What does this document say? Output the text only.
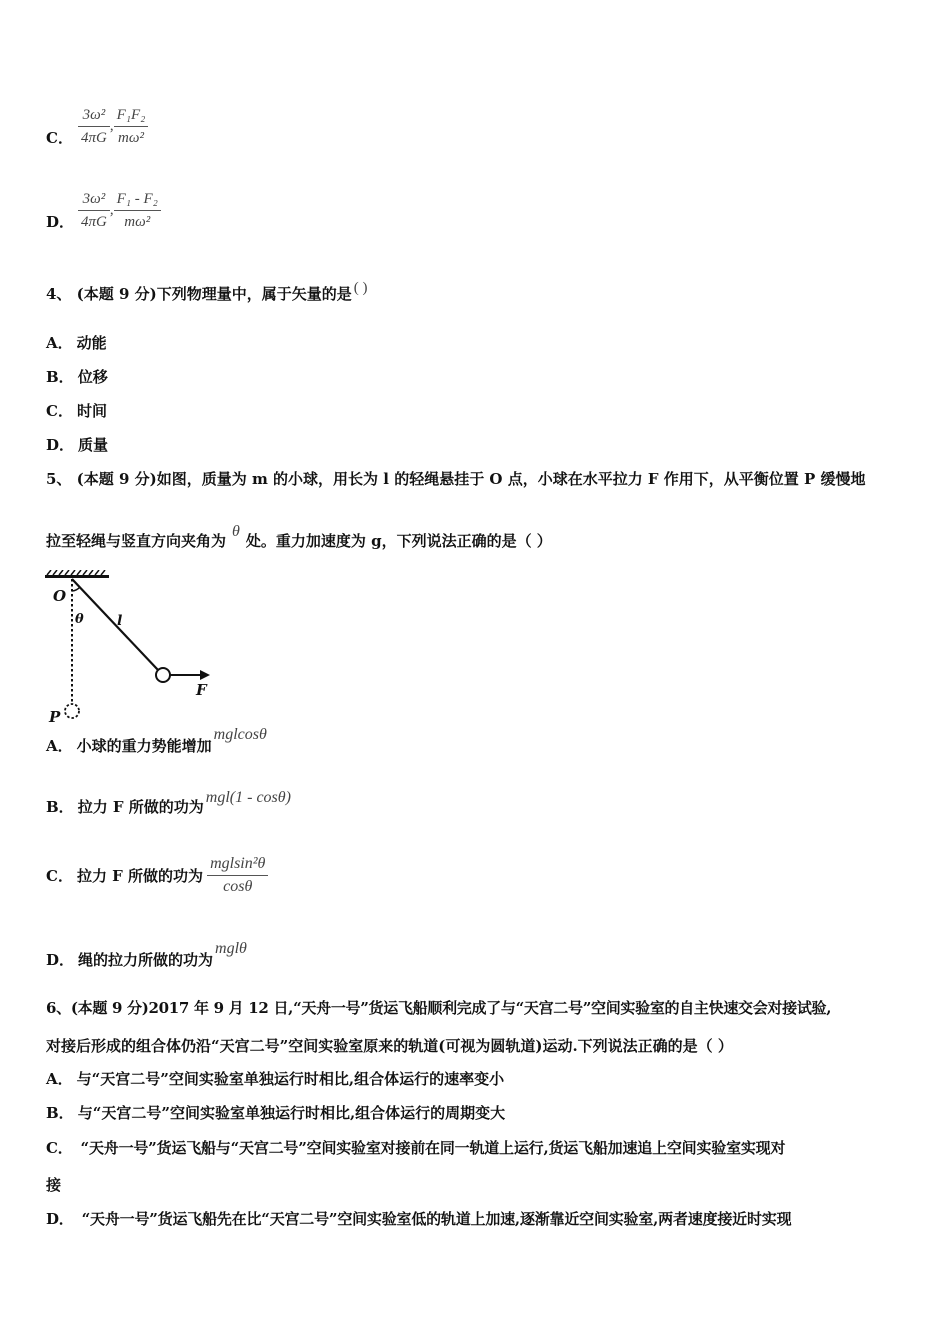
C． $\frac{\text{3ω²}}{4\pi G}$ , $\frac{\text{F₁F₂}}{\text{mω²}}$
D． $\frac{\text{3ω²}}{4\pi G}$ , $\frac{\text{F₁ - F₂}}{\text{mω²}}$
4、 (本题 9 分)下列物理量中，属于矢量的是 ( )
A． 动能
B． 位移
C． 时间
D． 质量
5、 (本题 9 分)如图，质量为 m 的小球，用长为 l 的轻绳悬挂于 O 点，小球在水平拉力 F 作用下，从平衡位置 P 缓慢地
拉至轻绳与竖直方向夹角为θ处。重力加速度为 g，下列说法正确的是（ ）
O
θ l
F
P
A． 小球的重力势能增加mglcosθ
B． 拉力 F 所做的功为mgl(1 - cosθ)
C． 拉力 F 所做的功为 $\frac{\text{mglsin²θ}}{\cos\theta}$
D． 绳的拉力所做的功为mglθ
6、(本题 9 分)2017 年 9 月 12 日,“天舟一号”货运飞船顺利完成了与“天宫二号”空间实验室的自主快速交会对接试验,
对接后形成的组合体仍沿“天宫二号”空间实验室原来的轨道(可视为圆轨道)运动.下列说法正确的是（ ）
A． 与“天宫二号”空间实验室单独运行时相比,组合体运行的速率变小
B． 与“天宫二号”空间实验室单独运行时相比,组合体运行的周期变大
C． “天舟一号”货运飞船与“天宫二号”空间实验室对接前在同一轨道上运行,货运飞船加速追上空间实验室实现对
接
D． “天舟一号”货运飞船先在比“天宫二号”空间实验室低的轨道上加速,逐渐靠近空间实验室,两者速度接近时实现
